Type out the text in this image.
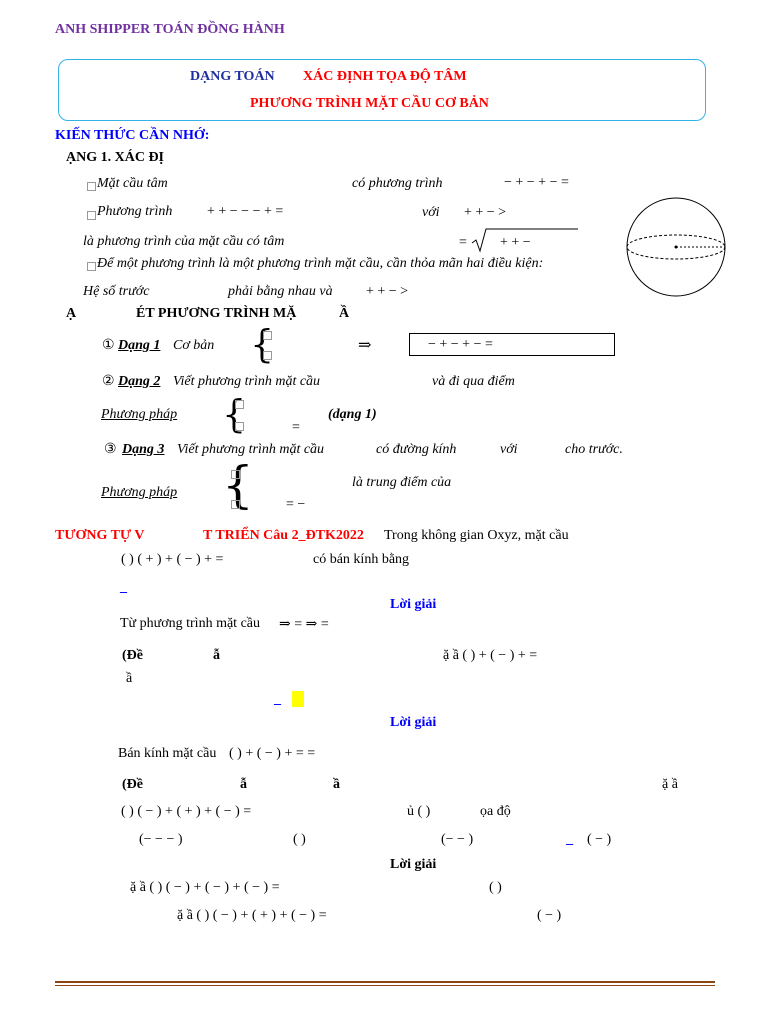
ANH SHIPPER TOÁN ĐỒNG HÀNH
DẠNG TOÁN XÁC ĐỊNH TỌA ĐỘ TÂM
PHƯƠNG TRÌNH MẶT CẦU CƠ BẢN
KIẾN THỨC CẦN NHỚ:
ẠNG 1. XÁC ĐỊ
Mặt cầu tâm	có phương trình	− + − + − =
Phương trình + + − − − + =	với + + − >
là phương trình của mặt cầu có tâm	= + + −
Để một phương trình là một phương trình mặt cầu, cần thỏa mãn hai điều kiện:
Hệ số trước	phải bằng nhau và + + − >
Ạ	ÉT PHƯƠNG TRÌNH MẶ	Ầ
① Dạng 1 Cơ bản {	⇒	− + − + − =
② Dạng 2 Viết phương trình mặt cầu	và đi qua điểm
Phương pháp {	(dạng 1)
=
③ Dạng 3 Viết phương trình mặt cầu	có đường kính	với	cho trước.
Phương pháp {	là trung điểm của
= −
TƯƠNG TỰ V	T TRIỂN Câu 2_ĐTK2022 Trong không gian Oxyz, mặt cầu
( ) ( + ) + ( − ) + =	có bán kính bằng
_
Lời giải
Từ phương trình mặt cầu ⇒ = ⇒ =
(Đề	ẫ	ặ ầ ( ) + ( − ) + =
ầ
_
Lời giải
Bán kính mặt cầu ( ) + ( − ) + = =
(Đề	ẫ	ầ	ặ ầ
( ) ( − ) + ( + ) + ( − ) =	ủ ( )	ọa độ
(− − − )	( )	(− − )	_ ( − )
Lời giải
ặ ầ ( ) ( − ) + ( − ) + ( − ) =	( )
ặ ầ ( ) ( − ) + ( + ) + ( − ) =	( − )
